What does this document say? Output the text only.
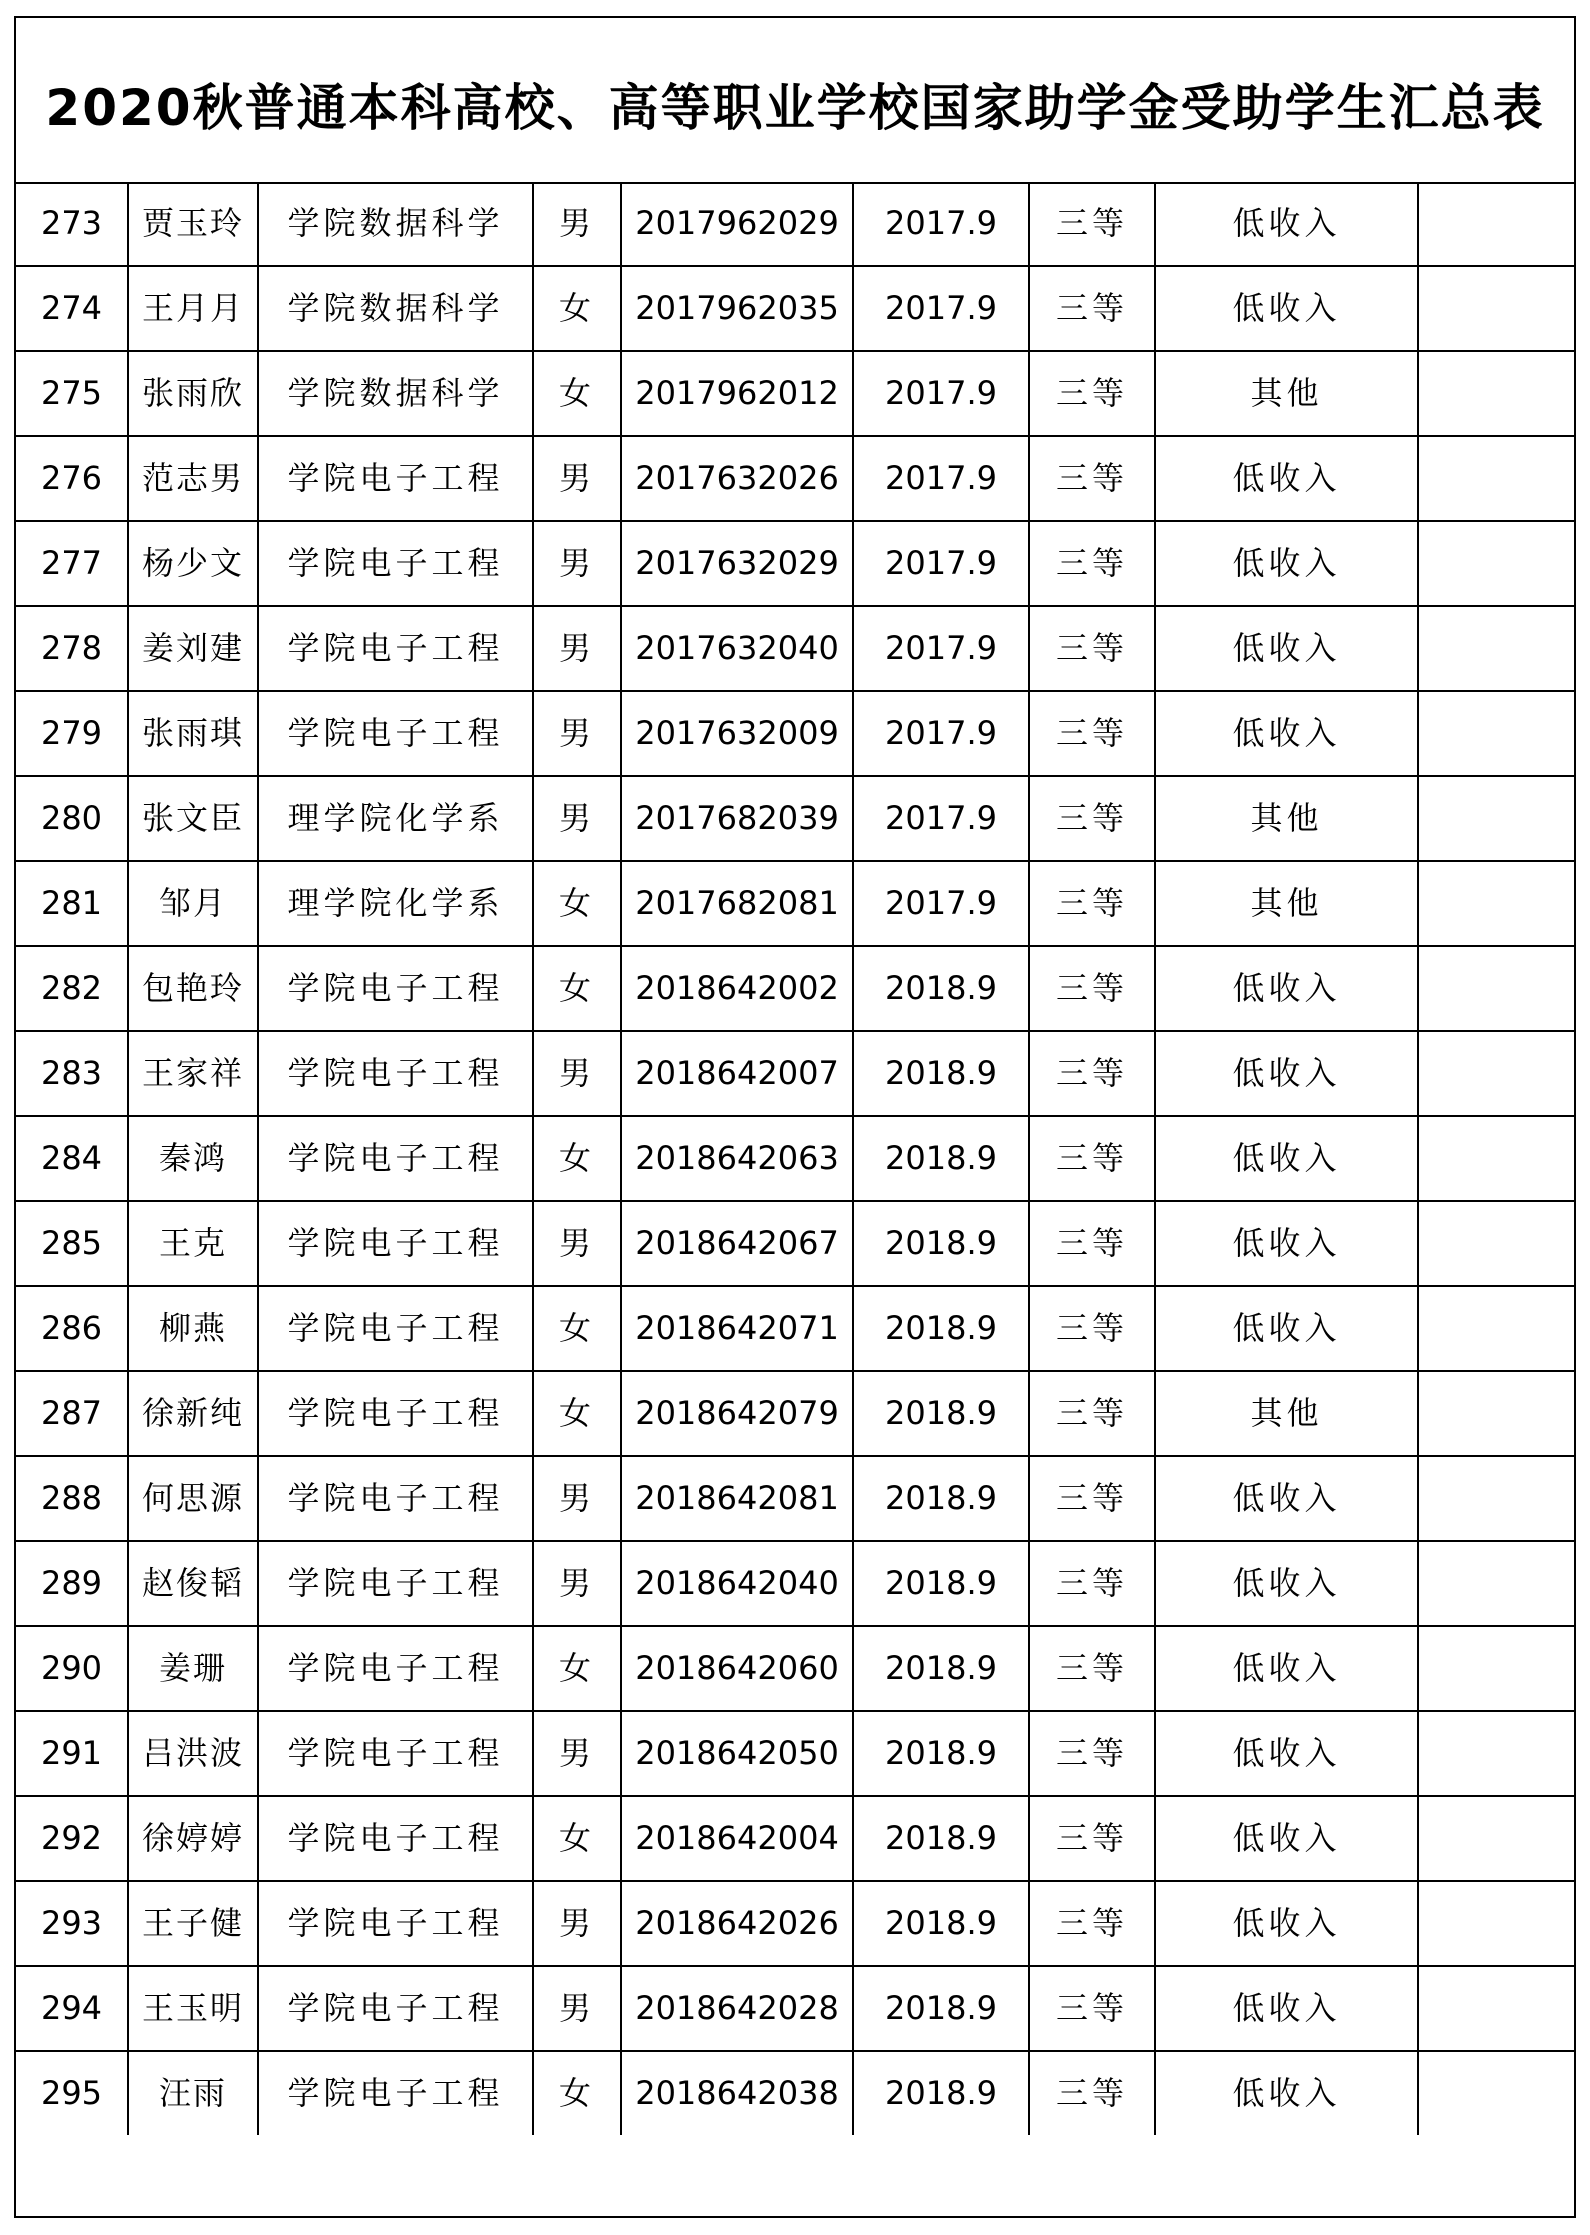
2020秋普通本科高校、高等职业学校国家助学金受助学生汇总表
273	贾玉玲	学院数据科学	男	2017962029	2017.9	三等	低收入	
274	王月月	学院数据科学	女	2017962035	2017.9	三等	低收入	
275	张雨欣	学院数据科学	女	2017962012	2017.9	三等	其他	
276	范志男	学院电子工程	男	2017632026	2017.9	三等	低收入	
277	杨少文	学院电子工程	男	2017632029	2017.9	三等	低收入	
278	姜刘建	学院电子工程	男	2017632040	2017.9	三等	低收入	
279	张雨琪	学院电子工程	男	2017632009	2017.9	三等	低收入	
280	张文臣	理学院化学系	男	2017682039	2017.9	三等	其他	
281	邹月	理学院化学系	女	2017682081	2017.9	三等	其他	
282	包艳玲	学院电子工程	女	2018642002	2018.9	三等	低收入	
283	王家祥	学院电子工程	男	2018642007	2018.9	三等	低收入	
284	秦鸿	学院电子工程	女	2018642063	2018.9	三等	低收入	
285	王克	学院电子工程	男	2018642067	2018.9	三等	低收入	
286	柳燕	学院电子工程	女	2018642071	2018.9	三等	低收入	
287	徐新纯	学院电子工程	女	2018642079	2018.9	三等	其他	
288	何思源	学院电子工程	男	2018642081	2018.9	三等	低收入	
289	赵俊韬	学院电子工程	男	2018642040	2018.9	三等	低收入	
290	姜珊	学院电子工程	女	2018642060	2018.9	三等	低收入	
291	吕洪波	学院电子工程	男	2018642050	2018.9	三等	低收入	
292	徐婷婷	学院电子工程	女	2018642004	2018.9	三等	低收入	
293	王子健	学院电子工程	男	2018642026	2018.9	三等	低收入	
294	王玉明	学院电子工程	男	2018642028	2018.9	三等	低收入	
295	汪雨	学院电子工程	女	2018642038	2018.9	三等	低收入	
